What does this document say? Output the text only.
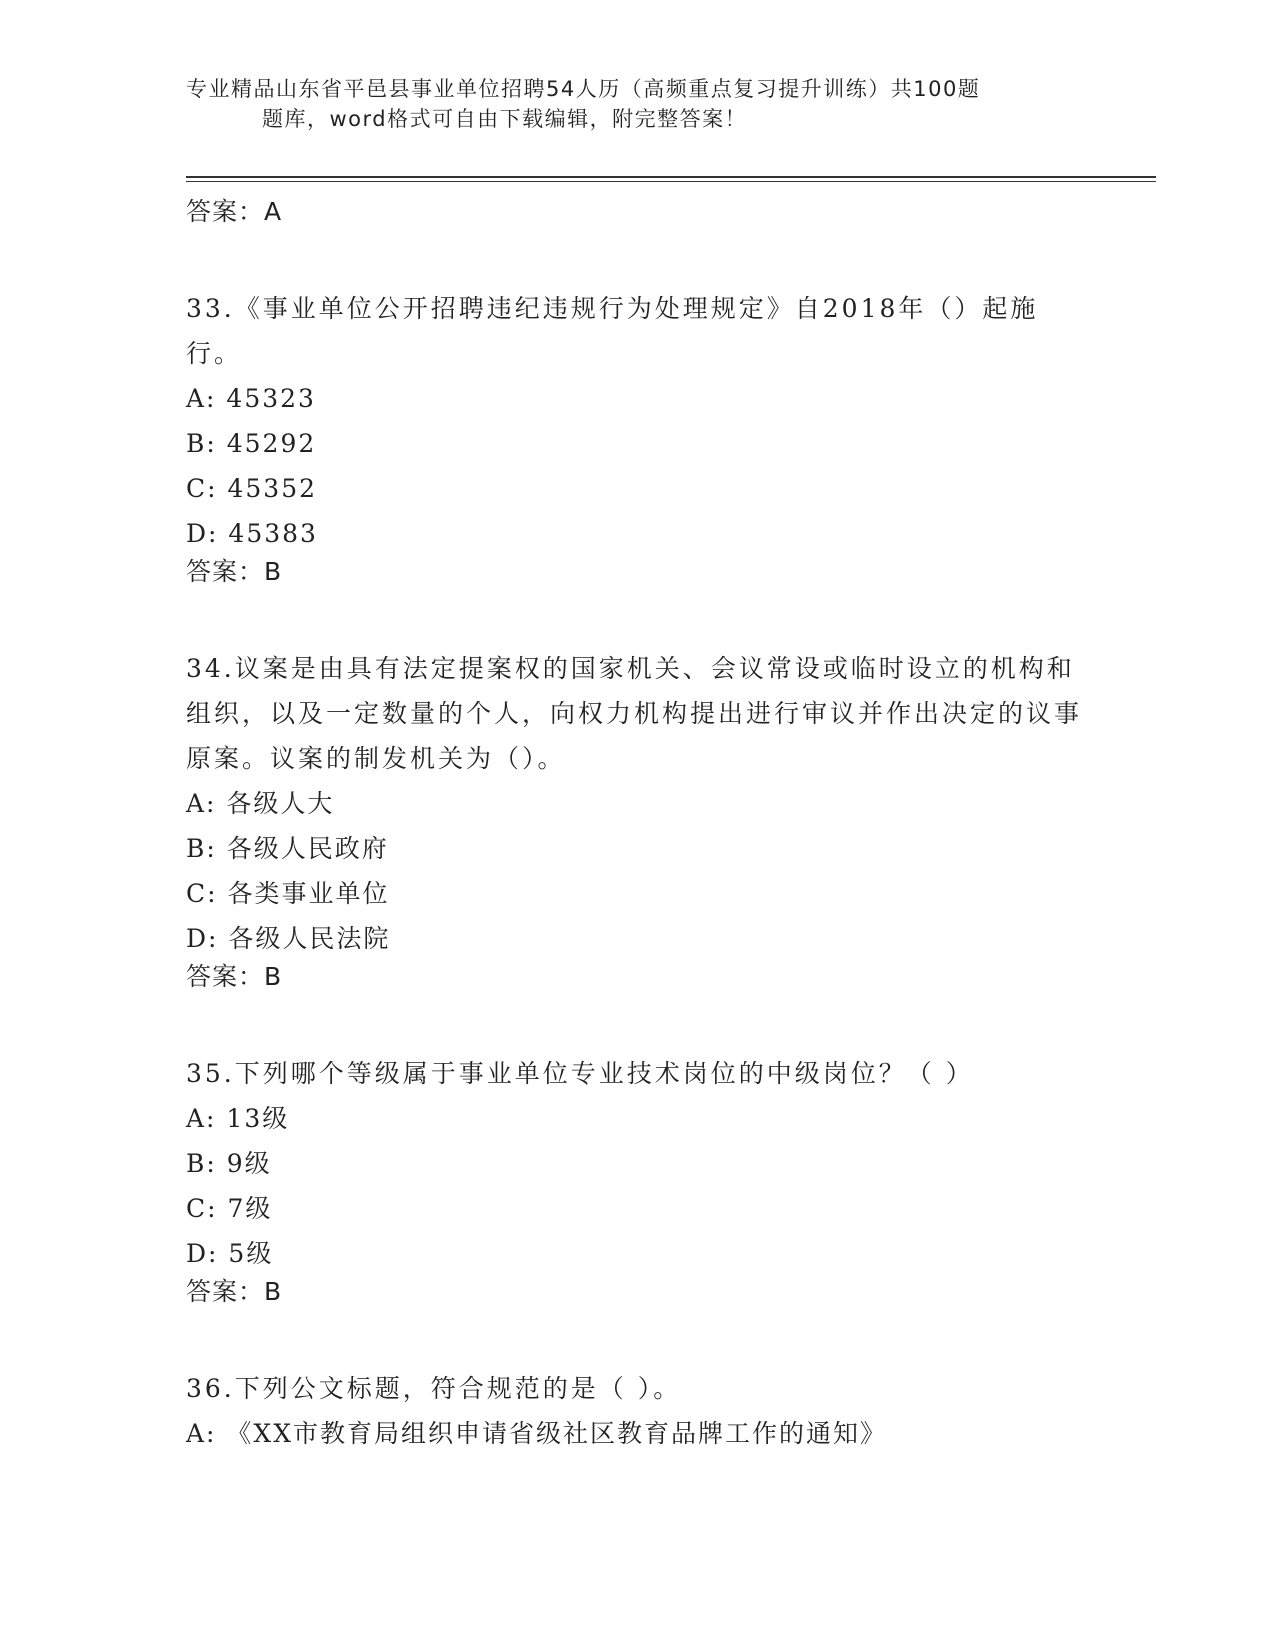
专业精品山东省平邑县事业单位招聘54人历（高频重点复习提升训练）共100题
题库，word格式可自由下载编辑，附完整答案！

答案：A

33.《事业单位公开招聘违纪违规行为处理规定》自2018年（）起施行。

A: 45323

B: 45292

C: 45352

D: 45383

答案：B

34.议案是由具有法定提案权的国家机关、会议常设或临时设立的机构和组织，以及一定数量的个人，向权力机构提出进行审议并作出决定的议事原案。议案的制发机关为（）。

A: 各级人大

B: 各级人民政府

C: 各类事业单位

D: 各级人民法院

答案：B

35.下列哪个等级属于事业单位专业技术岗位的中级岗位？（ ）

A: 13级

B: 9级

C: 7级

D: 5级

答案：B

36.下列公文标题，符合规范的是（ ）。

A: 《XX市教育局组织申请省级社区教育品牌工作的通知》
